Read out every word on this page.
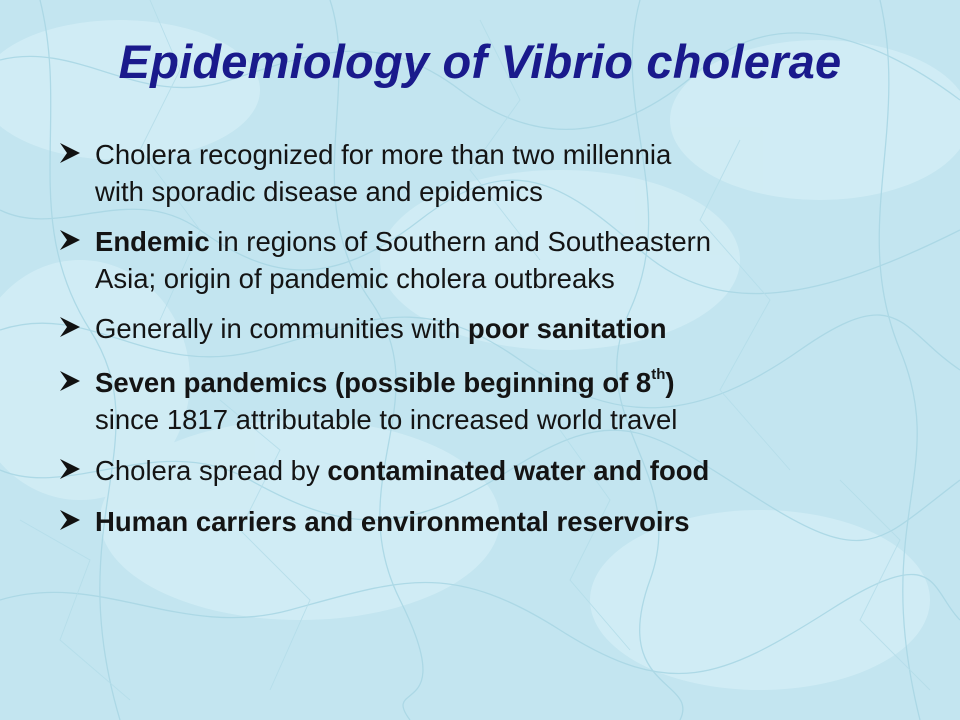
Epidemiology of Vibrio cholerae
Cholera recognized for more than two millennia
with sporadic disease and epidemics
Endemic in regions of Southern and Southeastern
Asia; origin of pandemic cholera outbreaks
Generally in communities with poor sanitation
Seven pandemics (possible beginning of 8th)
since 1817 attributable to increased world travel
Cholera spread by contaminated water and food
Human carriers and environmental reservoirs
